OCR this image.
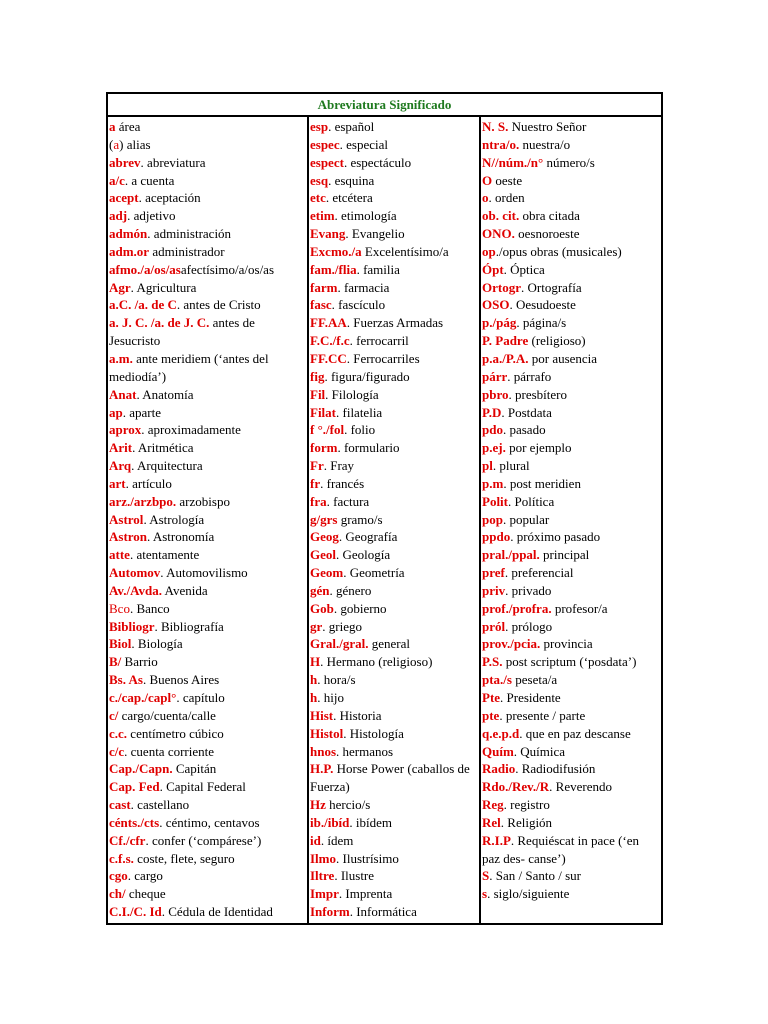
Abreviatura Significado
a área
(a) alias
abrev. abreviatura
a/c. a cuenta
acept. aceptación
adj. adjetivo
admón. administración
adm.or administrador
afmo./a/os/asafectísimo/a/os/as
Agr. Agricultura
a.C. /a. de C. antes de Cristo
a. J. C. /a. de J. C. antes de Jesucristo
a.m. ante meridiem (‘antes del mediodía’)
Anat. Anatomía
ap. aparte
aprox. aproximadamente
Arit. Aritmética
Arq. Arquitectura
art. artículo
arz./arzbpo. arzobispo
Astrol. Astrología
Astron. Astronomía
atte. atentamente
Automov. Automovilismo
Av./Avda. Avenida
Bco. Banco
Bibliogr. Bibliografía
Biol. Biología
B/ Barrio
Bs. As. Buenos Aires
c./cap./capl°. capítulo
c/ cargo/cuenta/calle
c.c. centímetro cúbico
c/c. cuenta corriente
Cap./Capn. Capitán
Cap. Fed. Capital Federal
cast. castellano
cénts./cts. céntimo, centavos
Cf./cfr. confer (‘compárese’)
c.f.s. coste, flete, seguro
cgo. cargo
ch/ cheque
C.I./C. Id. Cédula de Identidad
esp. español
espec. especial
espect. espectáculo
esq. esquina
etc. etcétera
etim. etimología
Evang. Evangelio
Excmo./a Excelentísimo/a
fam./flia. familia
farm. farmacia
fasc. fascículo
FF.AA. Fuerzas Armadas
F.C./f.c. ferrocarril
FF.CC. Ferrocarriles
fig. figura/figurado
Fil. Filología
Filat. filatelia
f °./fol. folio
form. formulario
Fr. Fray
fr. francés
fra. factura
g/grs gramo/s
Geog. Geografía
Geol. Geología
Geom. Geometría
gén. género
Gob. gobierno
gr. griego
Gral./gral. general
H. Hermano (religioso)
h. hora/s
h. hijo
Hist. Historia
Histol. Histología
hnos. hermanos
H.P. Horse Power (caballos de Fuerza)
Hz hercio/s
ib./ibíd. ibídem
id. ídem
Ilmo. Ilustrísimo
Iltre. Ilustre
Impr. Imprenta
Inform. Informática
N. S. Nuestro Señor
ntra/o. nuestra/o
N//núm./n° número/s
O oeste
o. orden
ob. cit. obra citada
ONO. oesnoroeste
op./opus obras (musicales)
Ópt. Óptica
Ortogr. Ortografía
OSO. Oesudoeste
p./pág. página/s
P. Padre (religioso)
p.a./P.A. por ausencia
párr. párrafo
pbro. presbítero
P.D. Postdata
pdo. pasado
p.ej. por ejemplo
pl. plural
p.m. post meridien
Polit. Política
pop. popular
ppdo. próximo pasado
pral./ppal. principal
pref. preferencial
priv. privado
prof./profra. profesor/a
pról. prólogo
prov./pcia. provincia
P.S. post scriptum (‘posdata’)
pta./s peseta/a
Pte. Presidente
pte. presente / parte
q.e.p.d. que en paz descanse
Quím. Química
Radio. Radiodifusión
Rdo./Rev./R. Reverendo
Reg. registro
Rel. Religión
R.I.P. Requiéscat in pace (‘en paz des- canse’)
S. San / Santo / sur
s. siglo/siguiente
